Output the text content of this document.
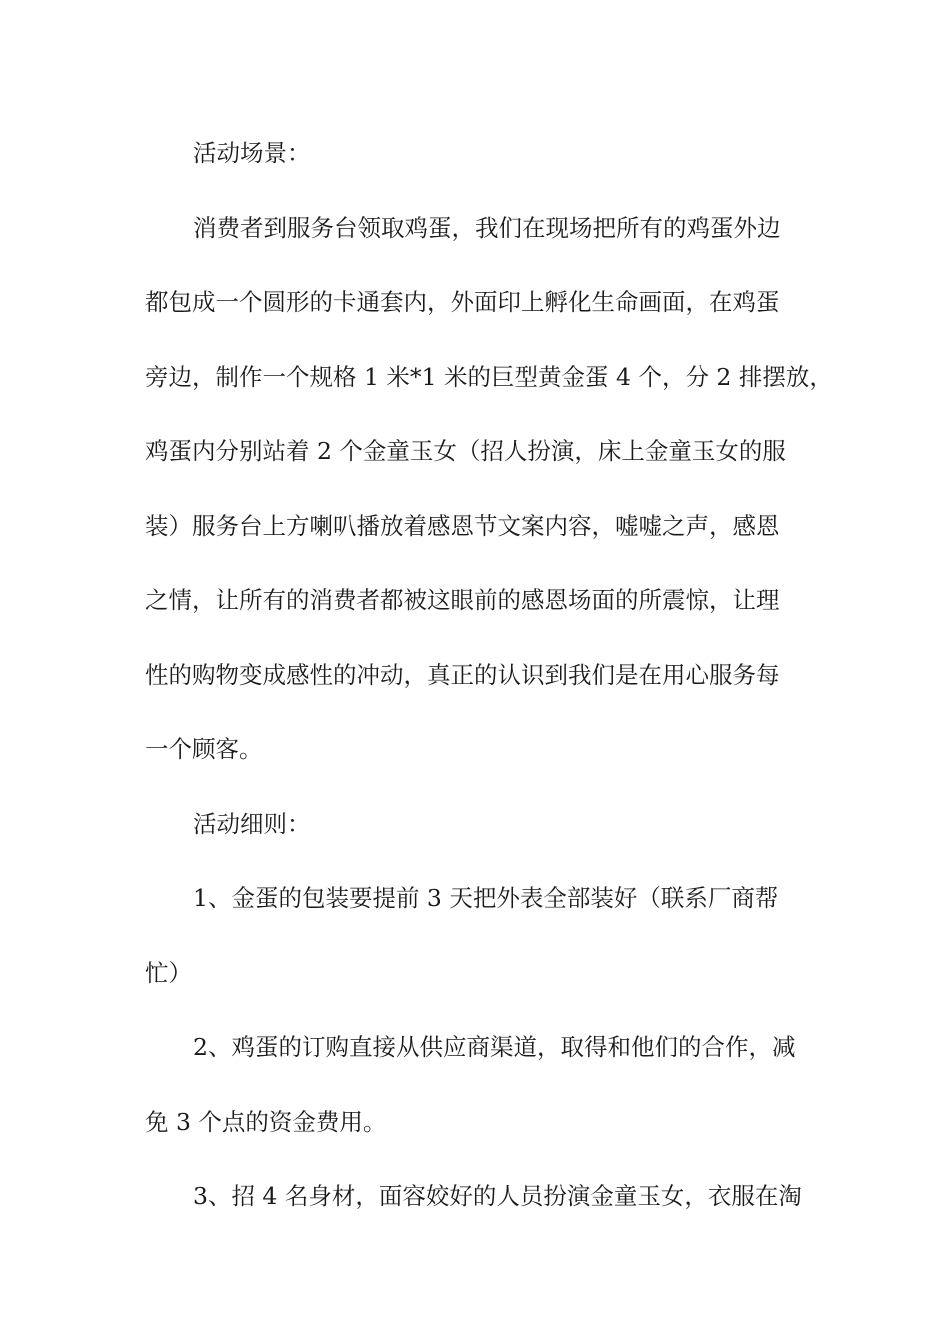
活动场景：
消费者到服务台领取鸡蛋，我们在现场把所有的鸡蛋外边
都包成一个圆形的卡通套内，外面印上孵化生命画面，在鸡蛋
旁边，制作一个规格 1 米*1 米的巨型黄金蛋 4 个，分 2 排摆放，
鸡蛋内分别站着 2 个金童玉女（招人扮演，床上金童玉女的服
装）服务台上方喇叭播放着感恩节文案内容，嘘嘘之声，感恩
之情，让所有的消费者都被这眼前的感恩场面的所震惊，让理
性的购物变成感性的冲动，真正的认识到我们是在用心服务每
一个顾客。
活动细则：
1、金蛋的包装要提前 3 天把外表全部装好（联系厂商帮
忙）
2、鸡蛋的订购直接从供应商渠道，取得和他们的合作，减
免 3 个点的资金费用。
3、招 4 名身材，面容姣好的人员扮演金童玉女，衣服在淘
